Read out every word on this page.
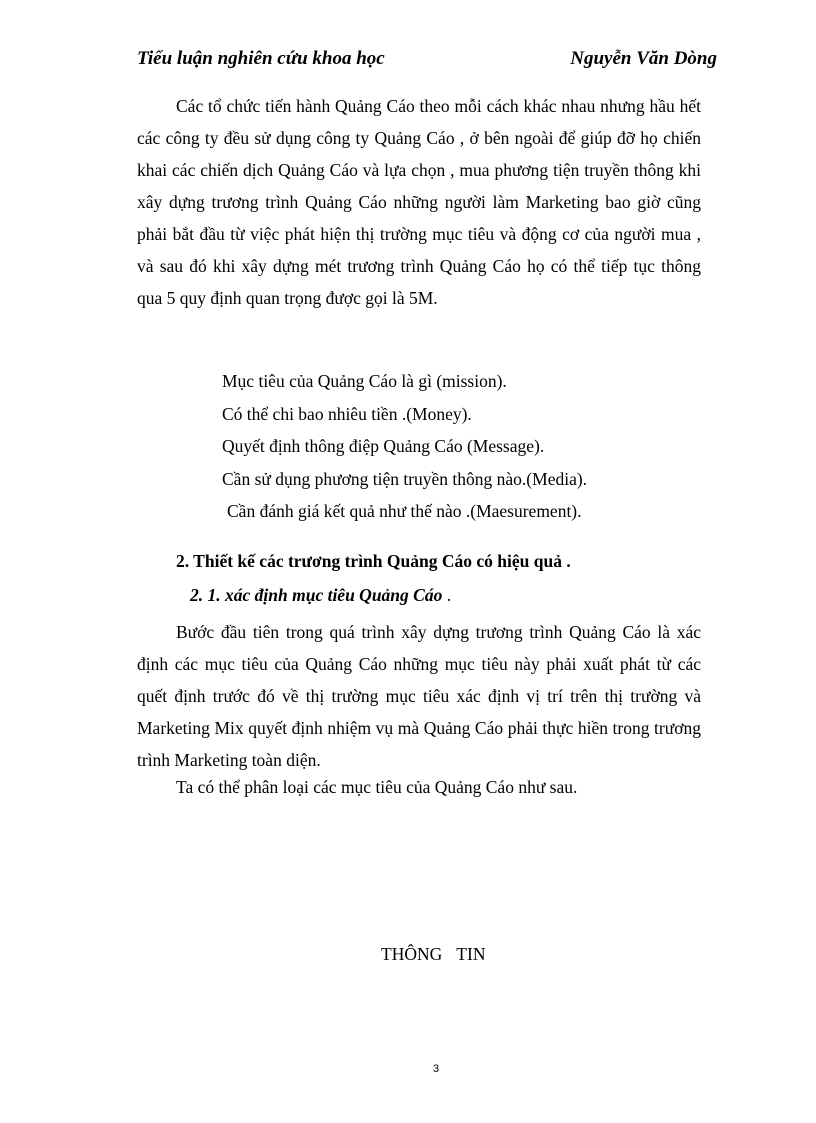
Tiểu luận nghiên cứu khoa học	Nguyễn Văn Dòng
Các tổ chức tiến hành Quảng Cáo theo mỗi cách khác nhau nhưng hầu hết các công ty đều sử dụng công ty Quảng Cáo , ở bên ngoài để giúp đỡ họ chiến khai các chiến dịch Quảng Cáo và lựa chọn , mua phương tiện truyền thông khi xây dựng trương trình Quảng Cáo những người làm Marketing bao giờ cũng phải bắt đầu từ việc phát hiện thị trường mục tiêu và động cơ của người mua , và sau đó khi xây dựng mét trương trình Quảng Cáo họ có thể tiếp tục thông qua 5 quy định quan trọng được gọi là 5M.
Mục tiêu của Quảng Cáo là gì (mission).
Có thể chi bao nhiêu tiền .(Money).
Quyết định thông điệp Quảng Cáo (Message).
Cần sử dụng phương tiện truyền thông nào.(Media).
Cần đánh giá kết quả như thế nào .(Maesurement).
2. Thiết kế các trương trình Quảng Cáo có hiệu quả .
2. 1. xác định mục tiêu Quảng Cáo .
Bước đầu tiên trong quá trình xây dựng trương trình Quảng Cáo là xác định các mục tiêu của Quảng Cáo những mục tiêu này phải xuất phát từ các quết định trước đó về thị trường mục tiêu xác định vị trí trên thị trường và Marketing Mix quyết định nhiệm vụ mà Quảng Cáo phải thực hiền trong trương trình Marketing toàn diện.
Ta có thể phân loại các mục tiêu của Quảng Cáo như sau.
THÔNG TIN
3
